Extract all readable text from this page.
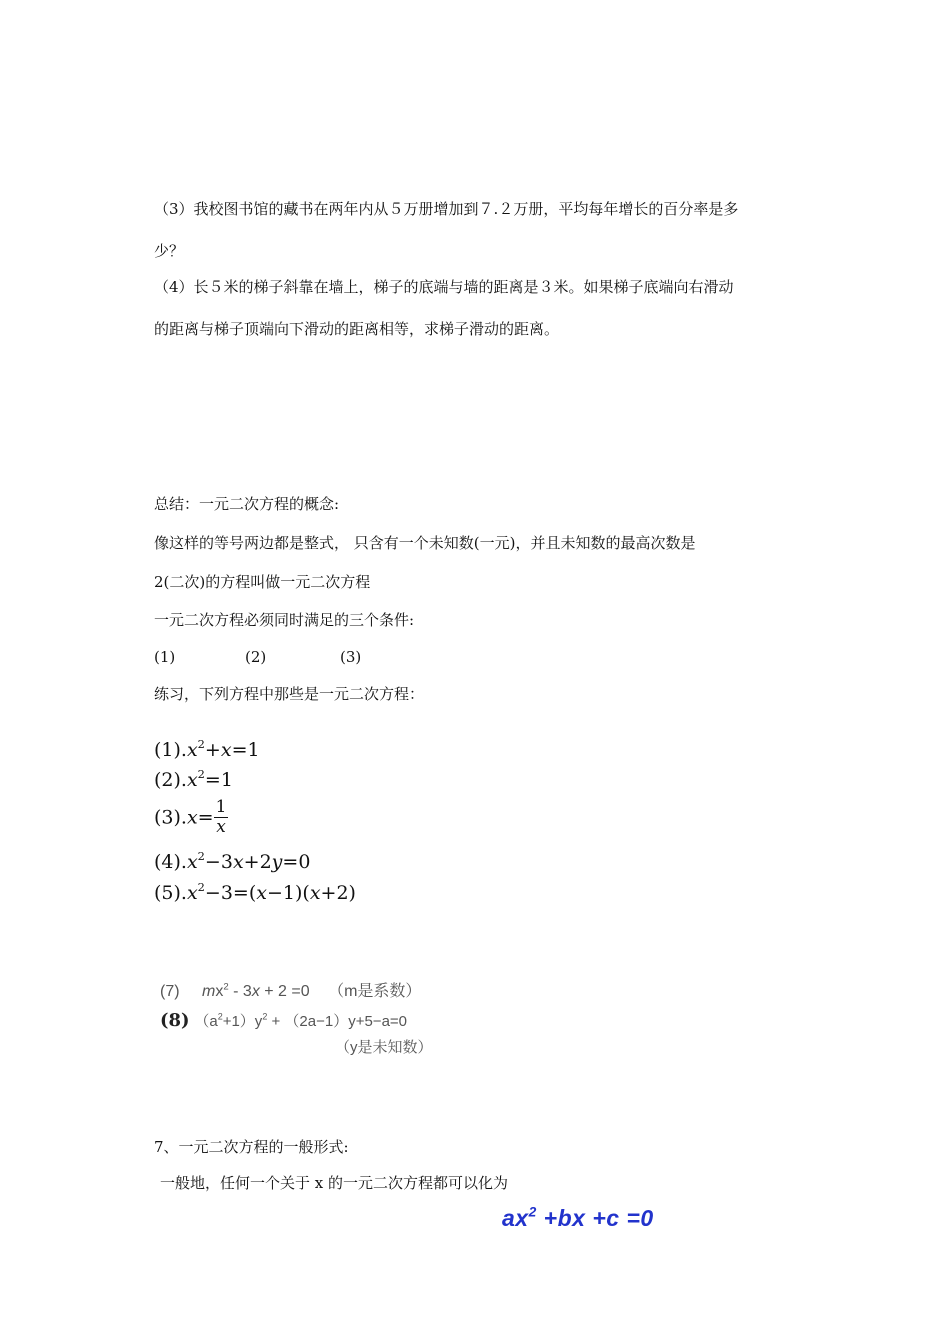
（3）我校图书馆的藏书在两年内从５万册增加到７.２万册，平均每年增长的百分率是多
少？
（4）长５米的梯子斜靠在墙上，梯子的底端与墙的距离是３米。如果梯子底端向右滑动
的距离与梯子顶端向下滑动的距离相等，求梯子滑动的距离。
总结：一元二次方程的概念:
像这样的等号两边都是整式， 只含有一个未知数(一元)，并且未知数的最高次数是
2(二次)的方程叫做一元二次方程
一元二次方程必须同时满足的三个条件:
(1)	(2)	(3)
练习，下列方程中那些是一元二次方程：
$(1).x^2+x=1$
$(2).x^2=1$
$(3).x= \frac{1}{x}$
$(4).x^2-3x+2y=0$
$(5).x^2-3=(x-1)(x+2)$
(7) $mx^2 - 3x + 2 =0$ （m是系数）
(8) $(a^2+1)y^2 + (2a-1)y+5-a=0$
（y是未知数）
7、一元二次方程的一般形式:
一般地，任何一个关于 x 的一元二次方程都可以化为
$ax^2 +bx +c =0$
